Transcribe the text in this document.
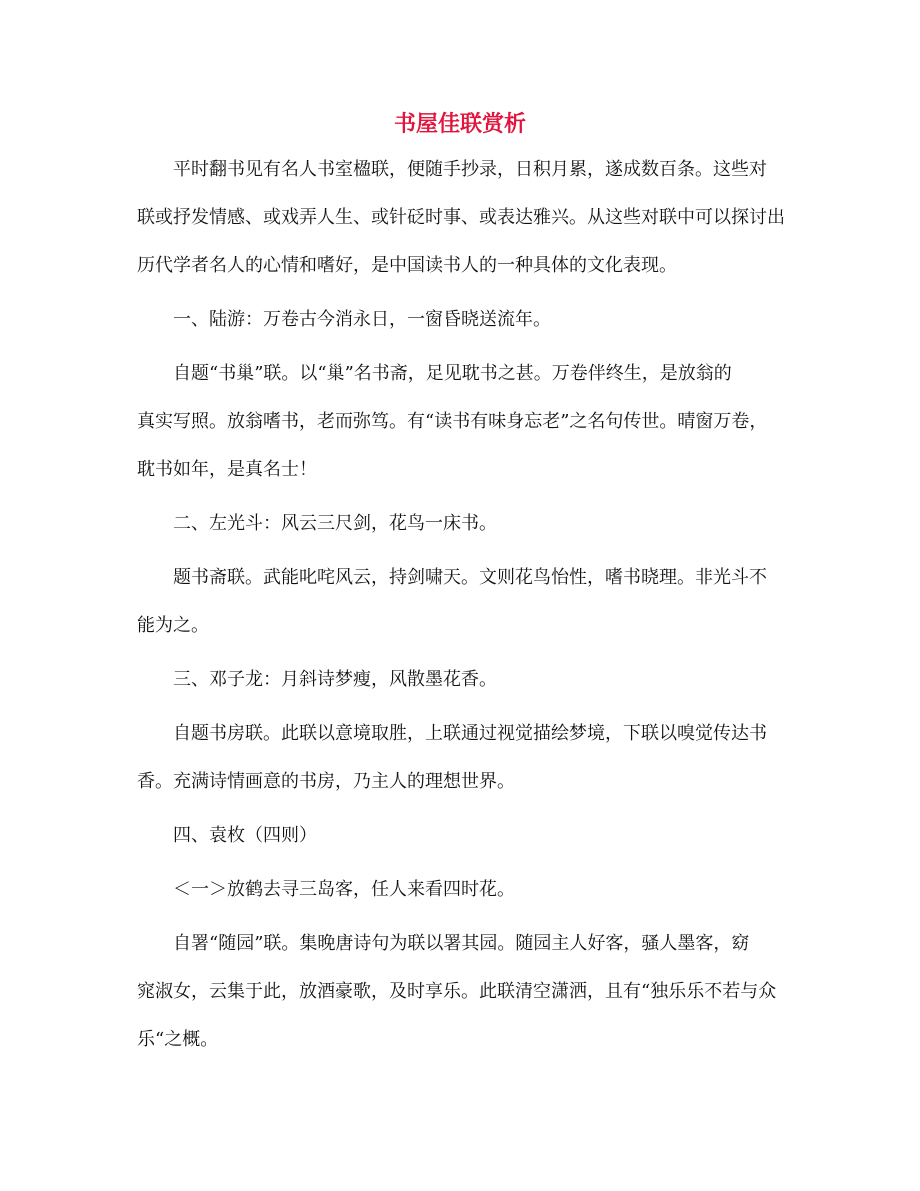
书屋佳联赏析
平时翻书见有名人书室楹联，便随手抄录，日积月累，遂成数百条。这些对
联或抒发情感、或戏弄人生、或针砭时事、或表达雅兴。从这些对联中可以探讨出
历代学者名人的心情和嗜好，是中国读书人的一种具体的文化表现。
一、陆游：万卷古今消永日，一窗昏晓送流年。
自题“书巢”联。以“巢”名书斋，足见耽书之甚。万卷伴终生，是放翁的
真实写照。放翁嗜书，老而弥笃。有“读书有味身忘老”之名句传世。晴窗万卷，
耽书如年，是真名士！
二、左光斗：风云三尺剑，花鸟一床书。
题书斋联。武能叱咤风云，持剑啸天。文则花鸟怡性，嗜书晓理。非光斗不
能为之。
三、邓子龙：月斜诗梦瘦，风散墨花香。
自题书房联。此联以意境取胜，上联通过视觉描绘梦境，下联以嗅觉传达书
香。充满诗情画意的书房，乃主人的理想世界。
四、袁枚（四则）
＜一＞放鹤去寻三岛客，任人来看四时花。
自署“随园”联。集晚唐诗句为联以署其园。随园主人好客，骚人墨客，窈
窕淑女，云集于此，放酒豪歌，及时享乐。此联清空潇洒，且有“独乐乐不若与众
乐“之概。
